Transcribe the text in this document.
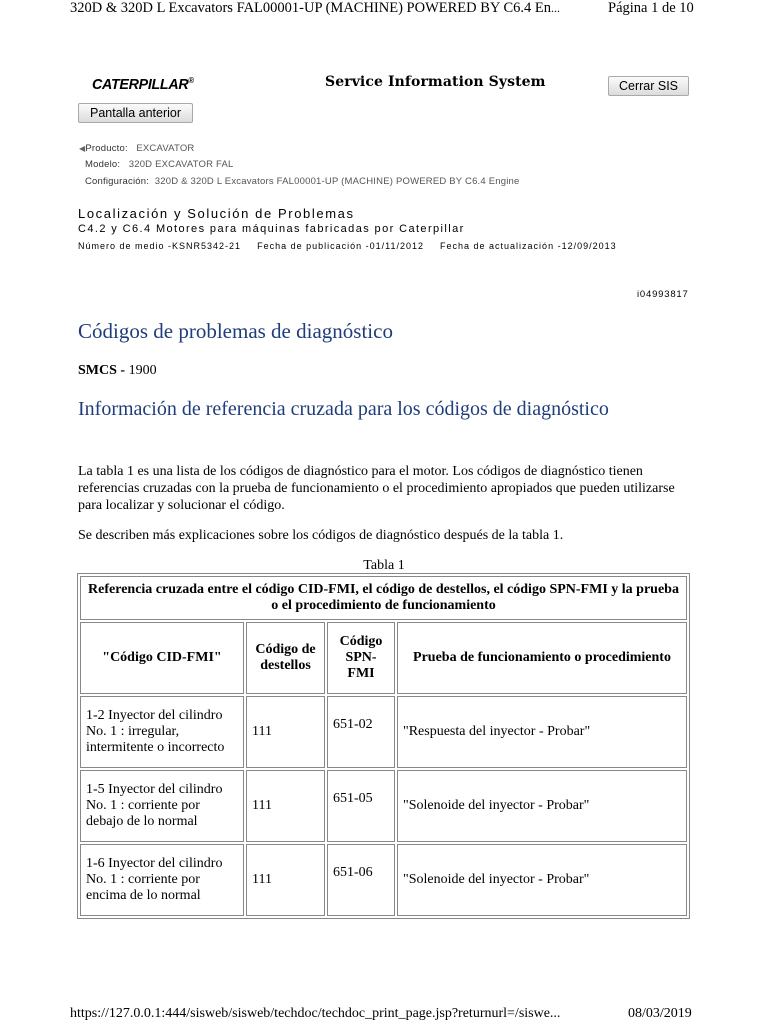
320D & 320D L Excavators FAL00001-UP (MACHINE) POWERED BY C6.4 En...	Página 1 de 10
CATERPILLAR®	Service Information System	Cerrar SIS
Pantalla anterior
◀Producto: EXCAVATOR
Modelo: 320D EXCAVATOR FAL
Configuración: 320D & 320D L Excavators FAL00001-UP (MACHINE) POWERED BY C6.4 Engine
Localización y Solución de Problemas
C4.2 y C6.4 Motores para máquinas fabricadas por Caterpillar
Número de medio -KSNR5342-21 Fecha de publicación -01/11/2012 Fecha de actualización -12/09/2013
i04993817
Códigos de problemas de diagnóstico
SMCS - 1900
Información de referencia cruzada para los códigos de diagnóstico

La tabla 1 es una lista de los códigos de diagnóstico para el motor. Los códigos de diagnóstico tienen referencias cruzadas con la prueba de funcionamiento o el procedimiento apropiados que pueden utilizarse para localizar y solucionar el código.

Se describen más explicaciones sobre los códigos de diagnóstico después de la tabla 1.

Tabla 1
Referencia cruzada entre el código CID-FMI, el código de destellos, el código SPN-FMI y la prueba o el procedimiento de funcionamiento			
"Código CID-FMI"	Código de destellos	Código SPN-FMI	Prueba de funcionamiento o procedimiento
1-2 Inyector del cilindro No. 1 : irregular, intermitente o incorrecto	111	651-02	"Respuesta del inyector - Probar"
1-5 Inyector del cilindro No. 1 : corriente por debajo de lo normal	111	651-05	"Solenoide del inyector - Probar"
1-6 Inyector del cilindro No. 1 : corriente por encima de lo normal	111	651-06	"Solenoide del inyector - Probar"
https://127.0.0.1:444/sisweb/sisweb/techdoc/techdoc_print_page.jsp?returnurl=/siswe...	08/03/2019
